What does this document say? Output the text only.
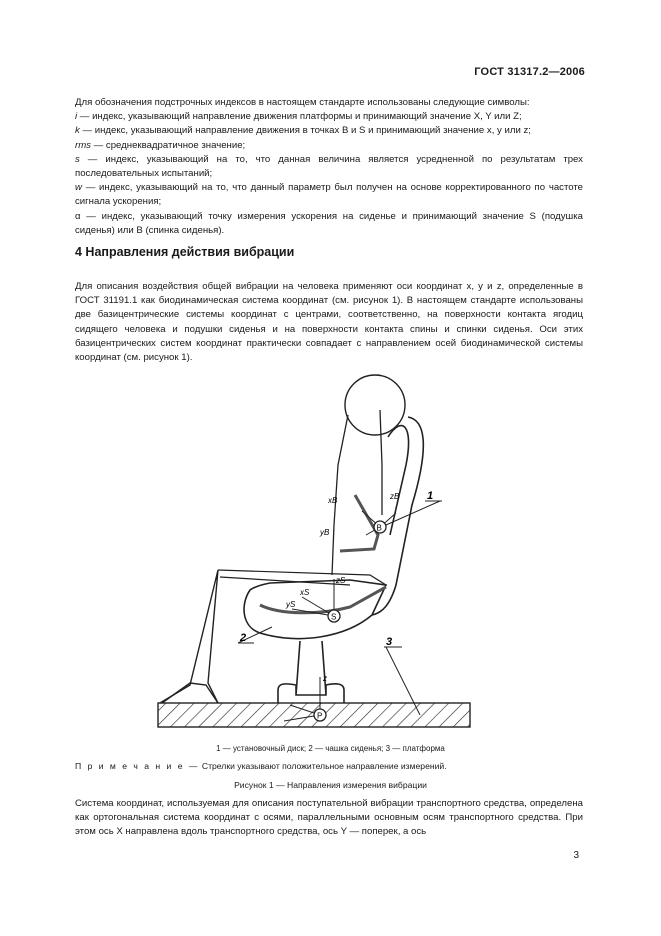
ГОСТ 31317.2—2006

Для обозначения подстрочных индексов в настоящем стандарте использованы следующие символы:

i — индекс, указывающий направление движения платформы и принимающий значение X, Y или Z;

k — индекс, указывающий направление движения в точках B и S и принимающий значение x, y или z;

rms — среднеквадратичное значение;

s — индекс, указывающий на то, что данная величина является усредненной по результатам трех последовательных испытаний;

w — индекс, указывающий на то, что данный параметр был получен на основе корректированного по частоте сигнала ускорения;

α — индекс, указывающий точку измерения ускорения на сиденье и принимающий значение S (подушка сиденья) или B (спинка сиденья).

4 Направления действия вибрации

Для описания воздействия общей вибрации на человека применяют оси координат x, y и z, определенные в ГОСТ 31191.1 как биодинамическая система координат (см. рисунок 1). В настоящем стандарте использованы две базицентрические системы координат с центрами, соответственно, на поверхности контакта ягодиц сидящего человека и подушки сиденья и на поверхности контакта спины и спинки сиденья. Оси этих базицентрических систем координат практически совпадает с направлением осей биодинамической системы координат (см. рисунок 1).

B
xB
yB
zB
S
zS
xS
yS
P
z
1
2	3
1 — установочный диск; 2 — чашка сиденья; 3 — платформа
П р и м е ч а н и е — Стрелки указывают положительное направление измерений.
Рисунок 1 — Направления измерения вибрации

Система координат, используемая для описания поступательной вибрации транспортного средства, определена как ортогональная система координат с осями, параллельными основным осям транспортного средства. При этом ось X направлена вдоль транспортного средства, ось Y — поперек, а ось

3
